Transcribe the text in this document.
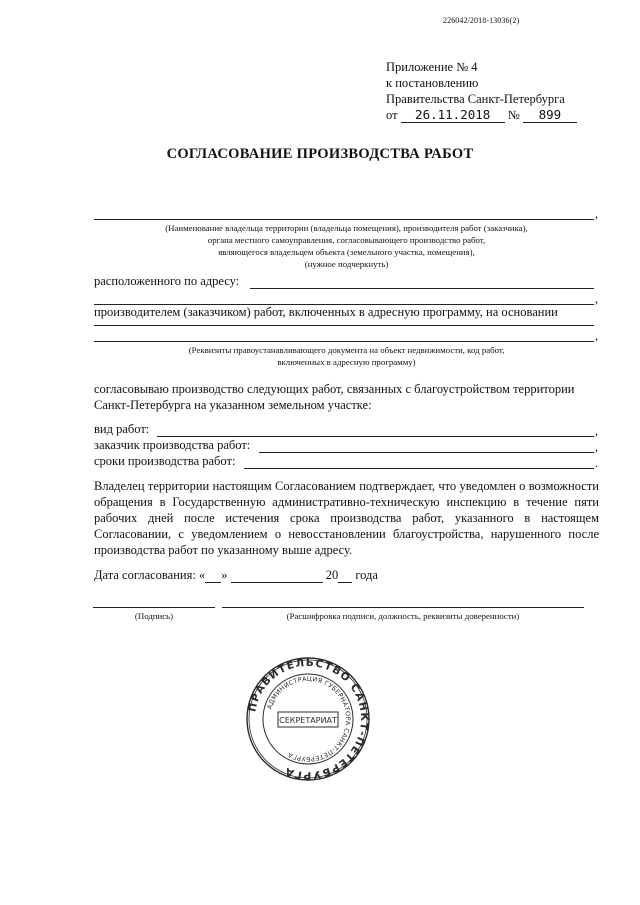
226042/2018-13036(2)
Приложение № 4
к постановлению
Правительства Санкт-Петербурга
от 26.11.2018 № 899
СОГЛАСОВАНИЕ ПРОИЗВОДСТВА РАБОТ
,
(Наименование владельца территории (владельца помещения), производителя работ (заказчика),
органа местного самоуправления, согласовывающего производство работ,
являющегося владельцем объекта (земельного участка, помещения),
(нужное подчеркнуть)
расположенного по адресу:
,
производителем (заказчиком) работ, включенных в адресную программу, на основании
,
(Реквизиты правоустанавливающего документа на объект недвижимости, код работ,
включенных в адресную программу)
согласовываю производство следующих работ, связанных с благоустройством территории Санкт-Петербурга на указанном земельном участке:
вид работ:	,
заказчик производства работ:	,
сроки производства работ:	.
Владелец территории настоящим Согласованием подтверждает, что уведомлен о возможности обращения в Государственную административно-техническую инспекцию в течение пяти рабочих дней после истечения срока производства работ, указанного в настоящем Согласовании, с уведомлением о невосстановлении благоустройства, нарушенного после производства работ по указанному выше адресу.
Дата согласования: « »	20 года
(Подпись)	(Расшифровка подписи, должность, реквизиты доверенности)
ПРАВИТЕЛЬСТВО САНКТ-ПЕТЕРБУРГА
АДМИНИСТРАЦИЯ ГУБЕРНАТОРА САНКТ-ПЕТЕРБУРГА
СЕКРЕТАРИАТ
